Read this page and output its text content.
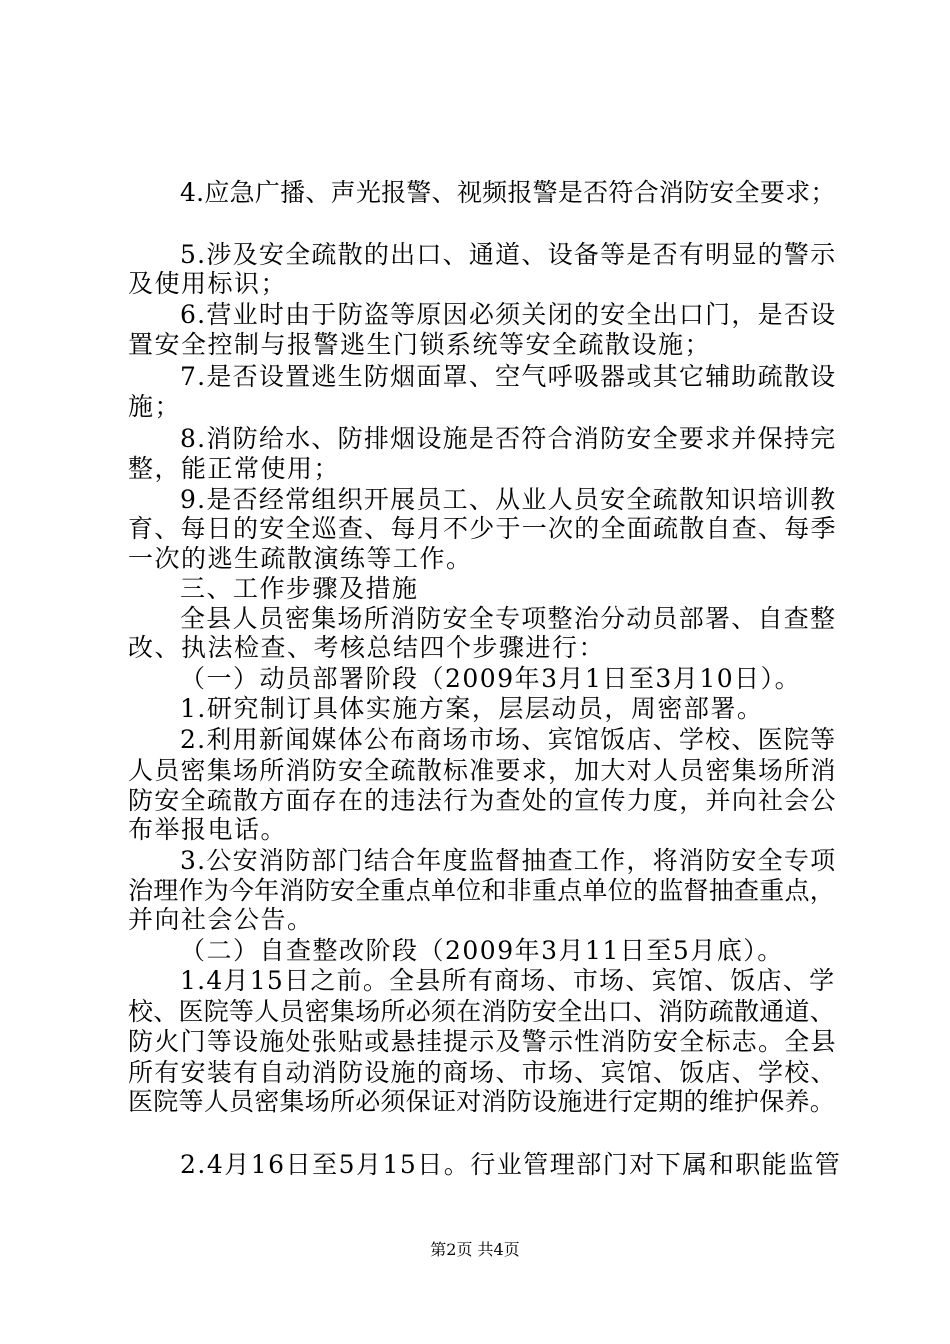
4.应急广播、声光报警、视频报警是否符合消防安全要求；
5.涉及安全疏散的出口、通道、设备等是否有明显的警示
及使用标识；
6.营业时由于防盗等原因必须关闭的安全出口门，是否设
置安全控制与报警逃生门锁系统等安全疏散设施；
7.是否设置逃生防烟面罩、空气呼吸器或其它辅助疏散设
施；
8.消防给水、防排烟设施是否符合消防安全要求并保持完
整，能正常使用；
9.是否经常组织开展员工、从业人员安全疏散知识培训教
育、每日的安全巡查、每月不少于一次的全面疏散自查、每季
一次的逃生疏散演练等工作。
三、工作步骤及措施
全县人员密集场所消防安全专项整治分动员部署、自查整
改、执法检查、考核总结四个步骤进行：
（一）动员部署阶段（2009年3月1日至3月10日）。
1.研究制订具体实施方案，层层动员，周密部署。
2.利用新闻媒体公布商场市场、宾馆饭店、学校、医院等
人员密集场所消防安全疏散标准要求，加大对人员密集场所消
防安全疏散方面存在的违法行为查处的宣传力度，并向社会公
布举报电话。
3.公安消防部门结合年度监督抽查工作，将消防安全专项
治理作为今年消防安全重点单位和非重点单位的监督抽查重点，
并向社会公告。
（二）自查整改阶段（2009年3月11日至5月底）。
1.4月15日之前。全县所有商场、市场、宾馆、饭店、学
校、医院等人员密集场所必须在消防安全出口、消防疏散通道、
防火门等设施处张贴或悬挂提示及警示性消防安全标志。全县
所有安装有自动消防设施的商场、市场、宾馆、饭店、学校、
医院等人员密集场所必须保证对消防设施进行定期的维护保养。
2.4月16日至5月15日。行业管理部门对下属和职能监管
第2页 共4页
